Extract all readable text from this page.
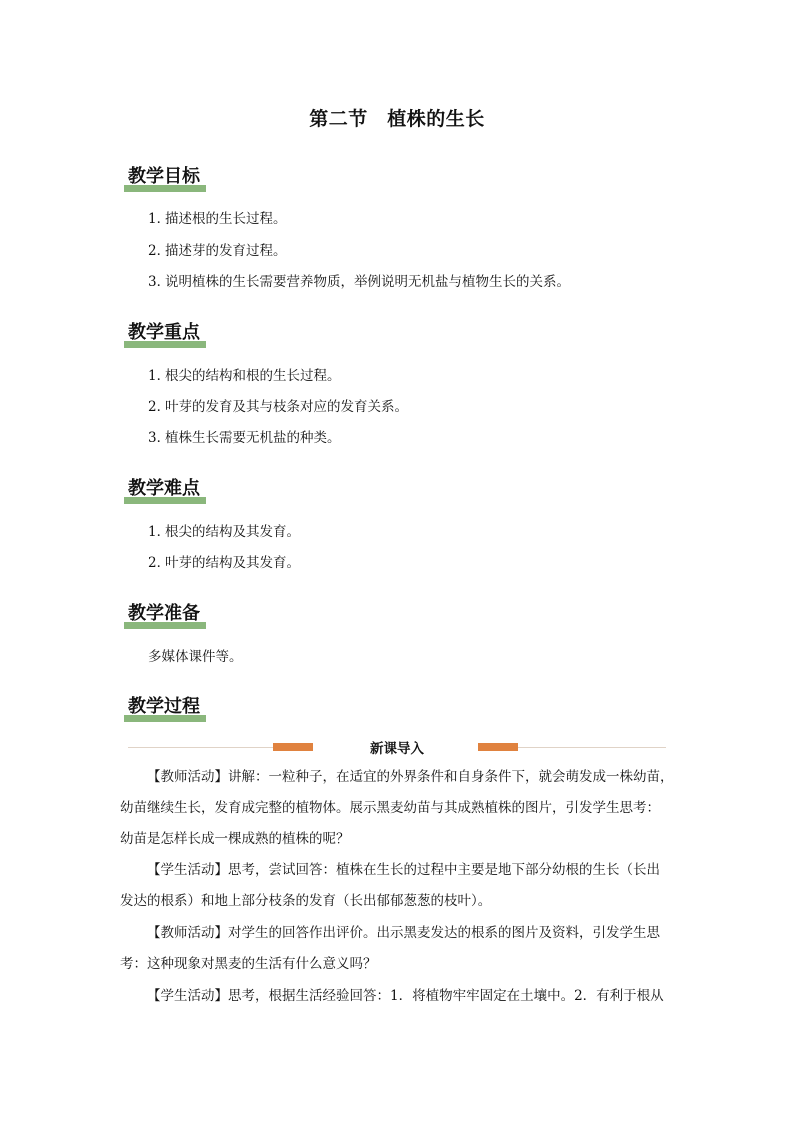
第二节　植株的生长
教学目标
1．描述根的生长过程。
2．描述芽的发育过程。
3．说明植株的生长需要营养物质，举例说明无机盐与植物生长的关系。
教学重点
1．根尖的结构和根的生长过程。
2．叶芽的发育及其与枝条对应的发育关系。
3．植株生长需要无机盐的种类。
教学难点
1．根尖的结构及其发育。
2．叶芽的结构及其发育。
教学准备
多媒体课件等。
教学过程
新课导入
【教师活动】讲解：一粒种子，在适宜的外界条件和自身条件下，就会萌发成一株幼苗，
幼苗继续生长，发育成完整的植物体。展示黑麦幼苗与其成熟植株的图片，引发学生思考：
幼苗是怎样长成一棵成熟的植株的呢？
【学生活动】思考，尝试回答：植株在生长的过程中主要是地下部分幼根的生长（长出
发达的根系）和地上部分枝条的发育（长出郁郁葱葱的枝叶）。
【教师活动】对学生的回答作出评价。出示黑麦发达的根系的图片及资料，引发学生思
考：这种现象对黑麦的生活有什么意义吗？
【学生活动】思考，根据生活经验回答：1．将植物牢牢固定在土壤中。2．有利于根从
